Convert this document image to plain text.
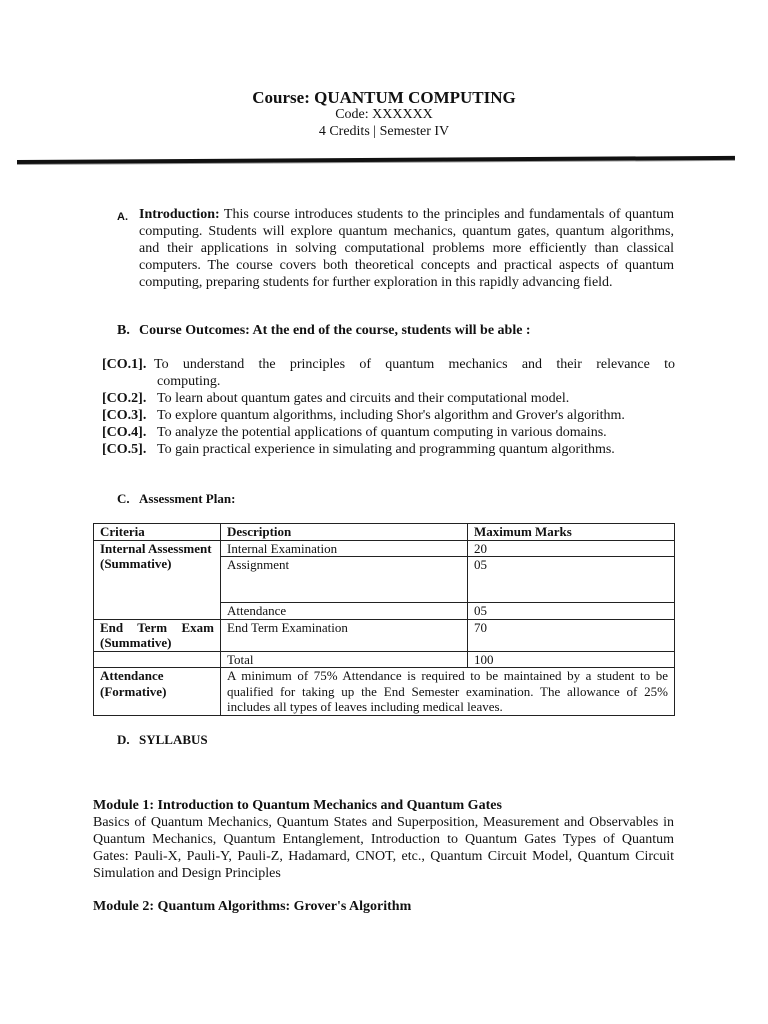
Course: QUANTUM COMPUTING
Code: XXXXXX
4 Credits | Semester IV
A. Introduction: This course introduces students to the principles and fundamentals of quantum computing. Students will explore quantum mechanics, quantum gates, quantum algorithms, and their applications in solving computational problems more efficiently than classical computers. The course covers both theoretical concepts and practical aspects of quantum computing, preparing students for further exploration in this rapidly advancing field.
B. Course Outcomes: At the end of the course, students will be able :
[CO.1]. To understand the principles of quantum mechanics and their relevance to
computing.
[CO.2]. To learn about quantum gates and circuits and their computational model.
[CO.3]. To explore quantum algorithms, including Shor's algorithm and Grover's algorithm.
[CO.4]. To analyze the potential applications of quantum computing in various domains.
[CO.5]. To gain practical experience in simulating and programming quantum algorithms.
C. Assessment Plan:
Criteria	Description	Maximum Marks
Internal Assessment (Summative)	Internal Examination	20
	Assignment	05
	Attendance	05
End Term Exam (Summative)	End Term Examination	70
	Total	100
Attendance (Formative)	A minimum of 75% Attendance is required to be maintained by a student to be qualified for taking up the End Semester examination. The allowance of 25% includes all types of leaves including medical leaves.	
D. SYLLABUS
Module 1: Introduction to Quantum Mechanics and Quantum Gates
Basics of Quantum Mechanics, Quantum States and Superposition, Measurement and Observables in Quantum Mechanics, Quantum Entanglement, Introduction to Quantum Gates Types of Quantum Gates: Pauli-X, Pauli-Y, Pauli-Z, Hadamard, CNOT, etc., Quantum Circuit Model, Quantum Circuit Simulation and Design Principles
Module 2: Quantum Algorithms: Grover's Algorithm
